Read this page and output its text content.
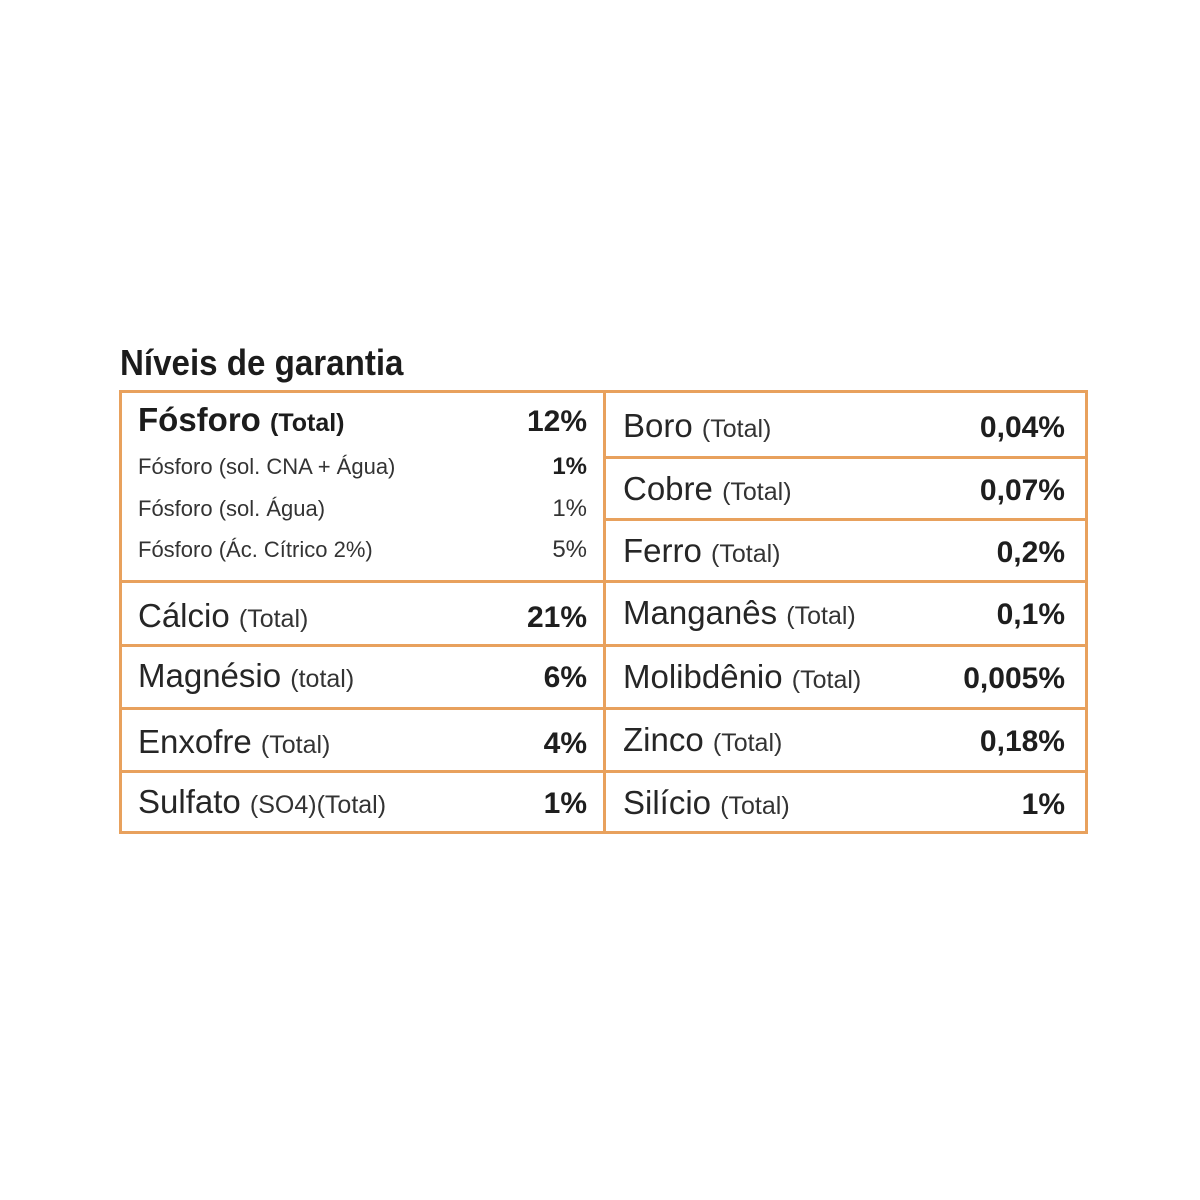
Níveis de garantia
Fósforo (Total)	12%
Fósforo (sol. CNA + Água)	1%
Fósforo (sol. Água)	1%
Fósforo (Ác. Cítrico 2%)	5%
Cálcio (Total)	21%
Magnésio (total)	6%
Enxofre (Total)	4%
Sulfato (SO4)(Total)	1%
Boro (Total)	0,04%
Cobre (Total)	0,07%
Ferro (Total)	0,2%
Manganês (Total)	0,1%
Molibdênio (Total)	0,005%
Zinco (Total)	0,18%
Silício (Total)	1%
